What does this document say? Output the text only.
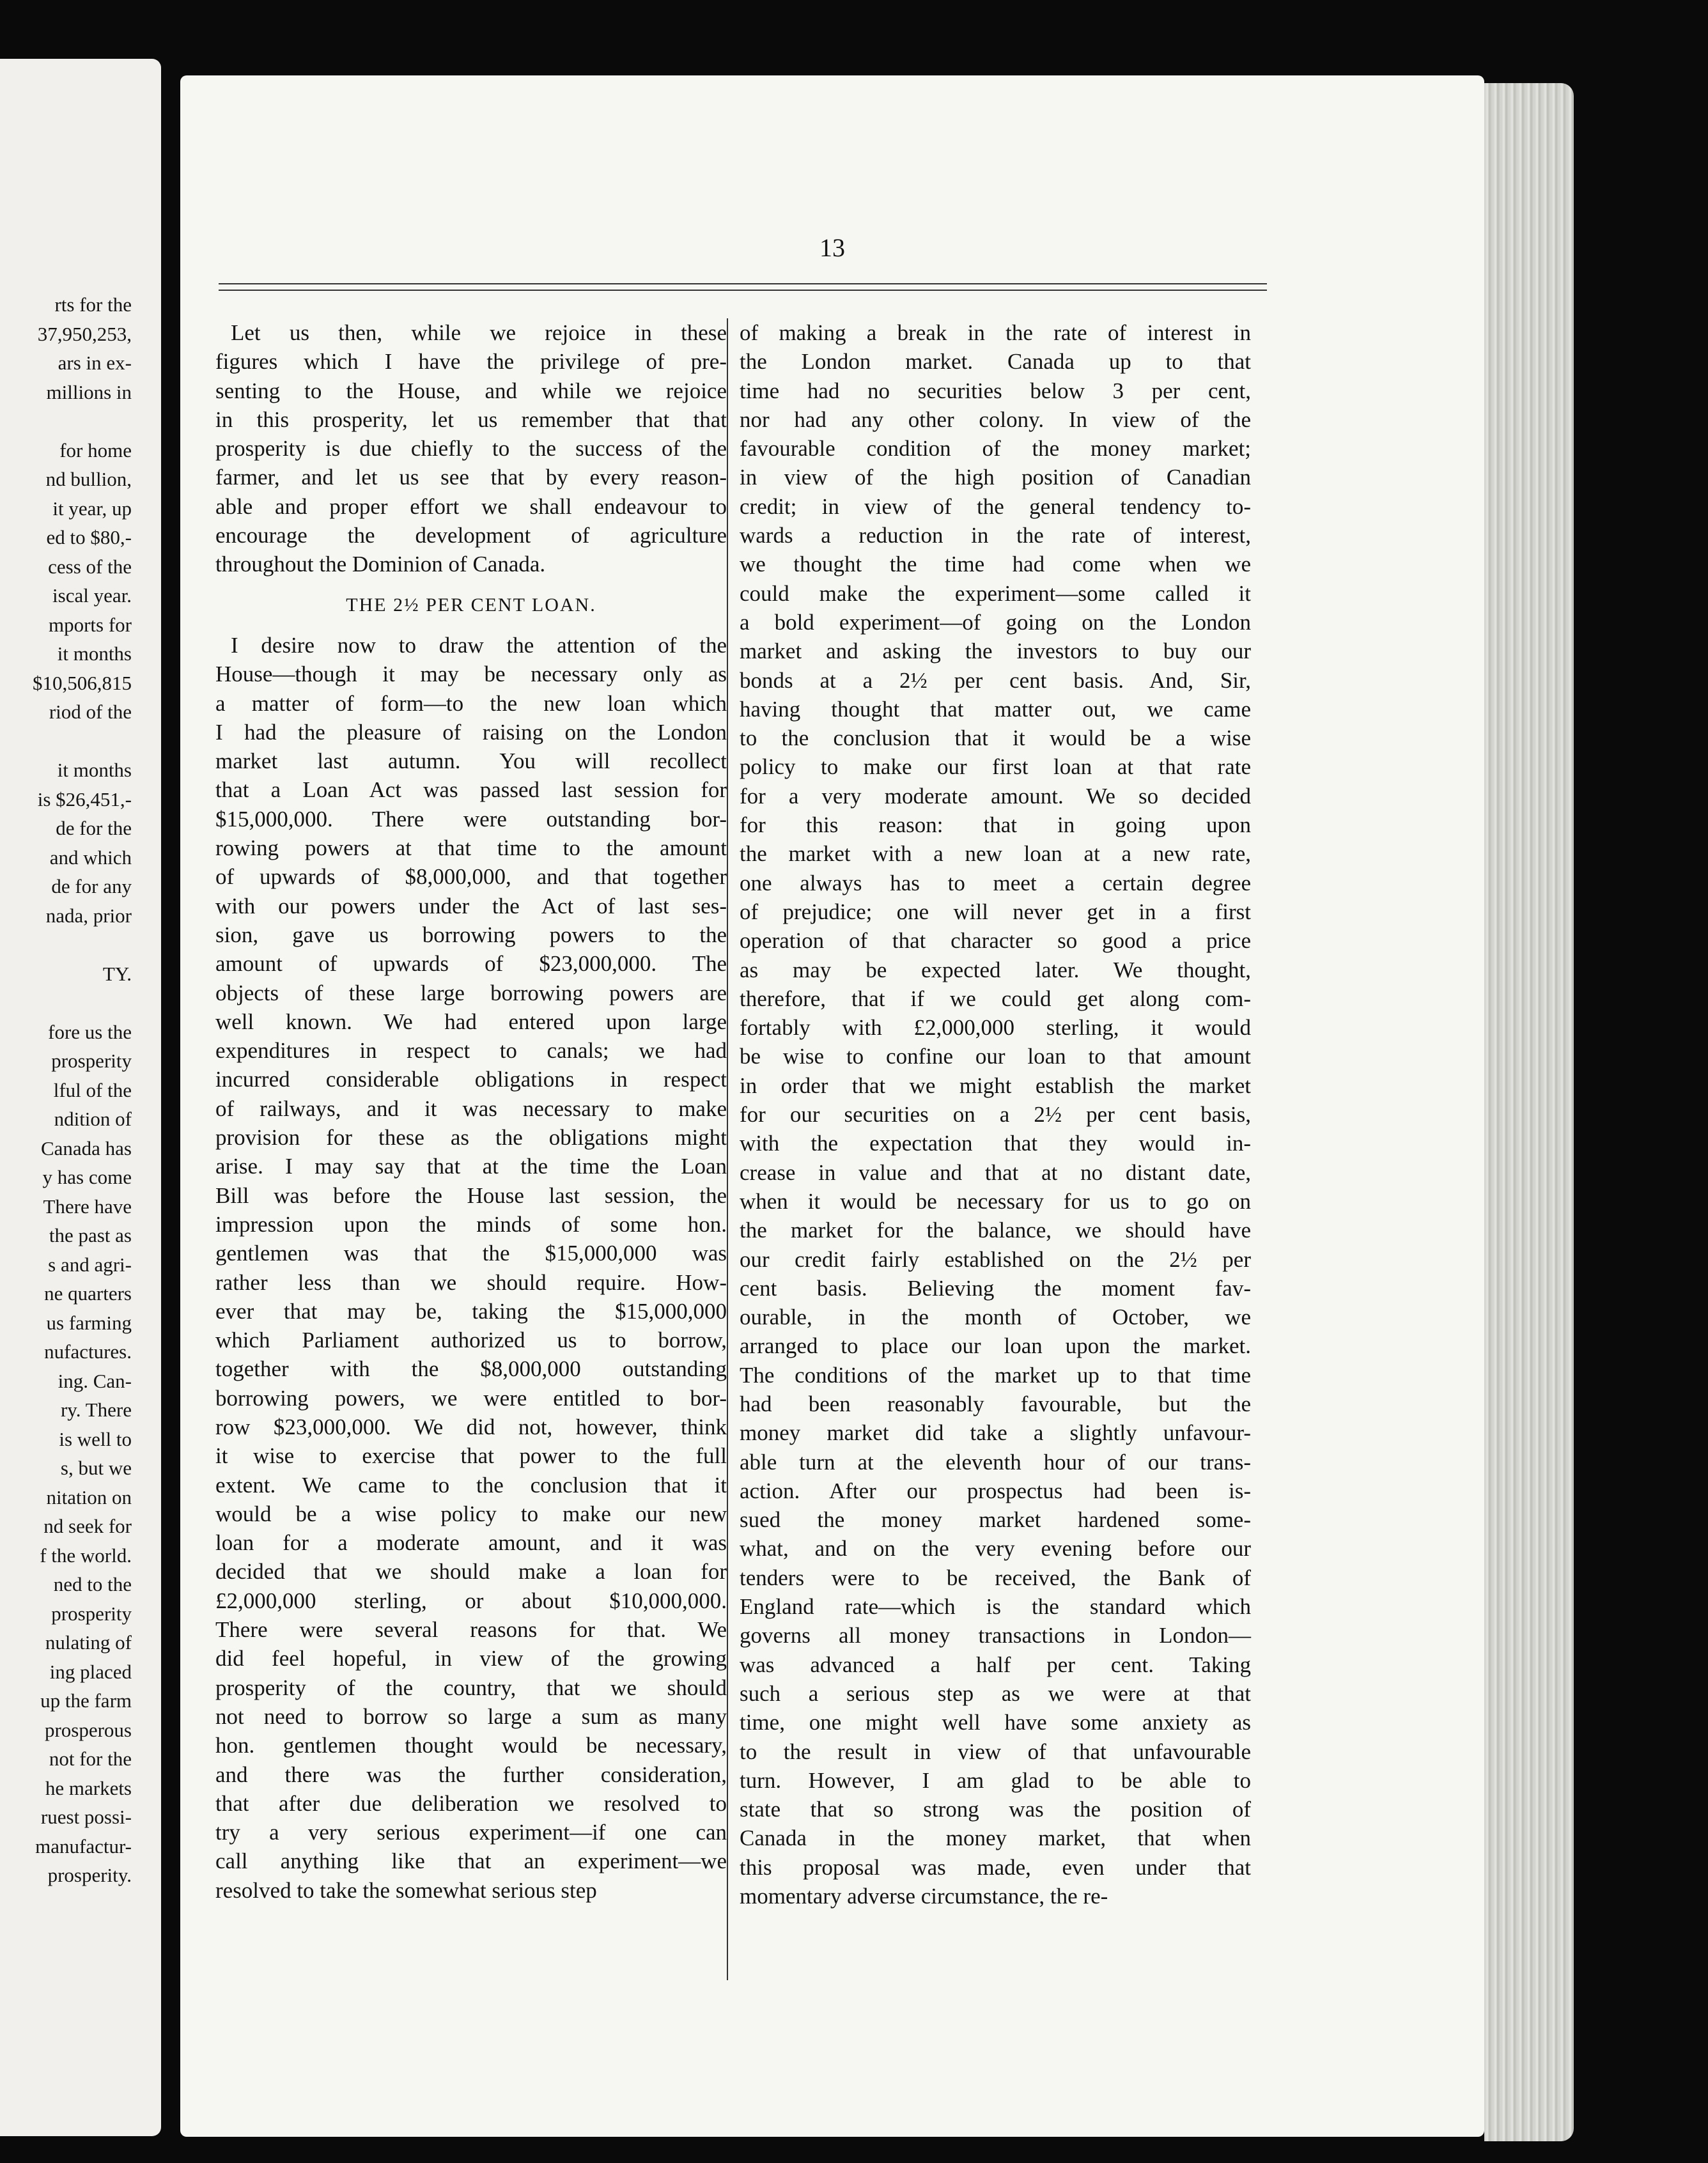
rts for the
37,950,253,
ars in ex-
millions in
for home
nd bullion,
it year, up
ed to $80,-
cess of the
iscal year.
mports for
it months
$10,506,815
riod of the
it months
is $26,451,-
de for the
and which
de for any
nada, prior
TY.
fore us the
prosperity
lful of the
ndition of
Canada has
y has come
There have
the past as
s and agri-
ne quarters
us farming
nufactures.
ing. Can-
ry. There
is well to
s, but we
nitation on
nd seek for
f the world.
ned to the
prosperity
nulating of
ing placed
up the farm
prosperous
not for the
he markets
ruest possi-
manufactur-
prosperity.
13
Let us then, while we rejoice in these
figures which I have the privilege of pre-
senting to the House, and while we rejoice
in this prosperity, let us remember that that
prosperity is due chiefly to the success of the
farmer, and let us see that by every reason-
able and proper effort we shall endeavour to
encourage the development of agriculture
throughout the Dominion of Canada.
THE 2½ PER CENT LOAN.
I desire now to draw the attention of the
House—though it may be necessary only as
a matter of form—to the new loan which
I had the pleasure of raising on the London
market last autumn. You will recollect
that a Loan Act was passed last session for
$15,000,000. There were outstanding bor-
rowing powers at that time to the amount
of upwards of $8,000,000, and that together
with our powers under the Act of last ses-
sion, gave us borrowing powers to the
amount of upwards of $23,000,000. The
objects of these large borrowing powers are
well known. We had entered upon large
expenditures in respect to canals; we had
incurred considerable obligations in respect
of railways, and it was necessary to make
provision for these as the obligations might
arise. I may say that at the time the Loan
Bill was before the House last session, the
impression upon the minds of some hon.
gentlemen was that the $15,000,000 was
rather less than we should require. How-
ever that may be, taking the $15,000,000
which Parliament authorized us to borrow,
together with the $8,000,000 outstanding
borrowing powers, we were entitled to bor-
row $23,000,000. We did not, however, think
it wise to exercise that power to the full
extent. We came to the conclusion that it
would be a wise policy to make our new
loan for a moderate amount, and it was
decided that we should make a loan for
£2,000,000 sterling, or about $10,000,000.
There were several reasons for that. We
did feel hopeful, in view of the growing
prosperity of the country, that we should
not need to borrow so large a sum as many
hon. gentlemen thought would be necessary,
and there was the further consideration,
that after due deliberation we resolved to
try a very serious experiment—if one can
call anything like that an experiment—we
resolved to take the somewhat serious step
of making a break in the rate of interest in
the London market. Canada up to that
time had no securities below 3 per cent,
nor had any other colony. In view of the
favourable condition of the money market;
in view of the high position of Canadian
credit; in view of the general tendency to-
wards a reduction in the rate of interest,
we thought the time had come when we
could make the experiment—some called it
a bold experiment—of going on the London
market and asking the investors to buy our
bonds at a 2½ per cent basis. And, Sir,
having thought that matter out, we came
to the conclusion that it would be a wise
policy to make our first loan at that rate
for a very moderate amount. We so decided
for this reason: that in going upon
the market with a new loan at a new rate,
one always has to meet a certain degree
of prejudice; one will never get in a first
operation of that character so good a price
as may be expected later. We thought,
therefore, that if we could get along com-
fortably with £2,000,000 sterling, it would
be wise to confine our loan to that amount
in order that we might establish the market
for our securities on a 2½ per cent basis,
with the expectation that they would in-
crease in value and that at no distant date,
when it would be necessary for us to go on
the market for the balance, we should have
our credit fairly established on the 2½ per
cent basis. Believing the moment fav-
ourable, in the month of October, we
arranged to place our loan upon the market.
The conditions of the market up to that time
had been reasonably favourable, but the
money market did take a slightly unfavour-
able turn at the eleventh hour of our trans-
action. After our prospectus had been is-
sued the money market hardened some-
what, and on the very evening before our
tenders were to be received, the Bank of
England rate—which is the standard which
governs all money transactions in London—
was advanced a half per cent. Taking
such a serious step as we were at that
time, one might well have some anxiety as
to the result in view of that unfavourable
turn. However, I am glad to be able to
state that so strong was the position of
Canada in the money market, that when
this proposal was made, even under that
momentary adverse circumstance, the re-
